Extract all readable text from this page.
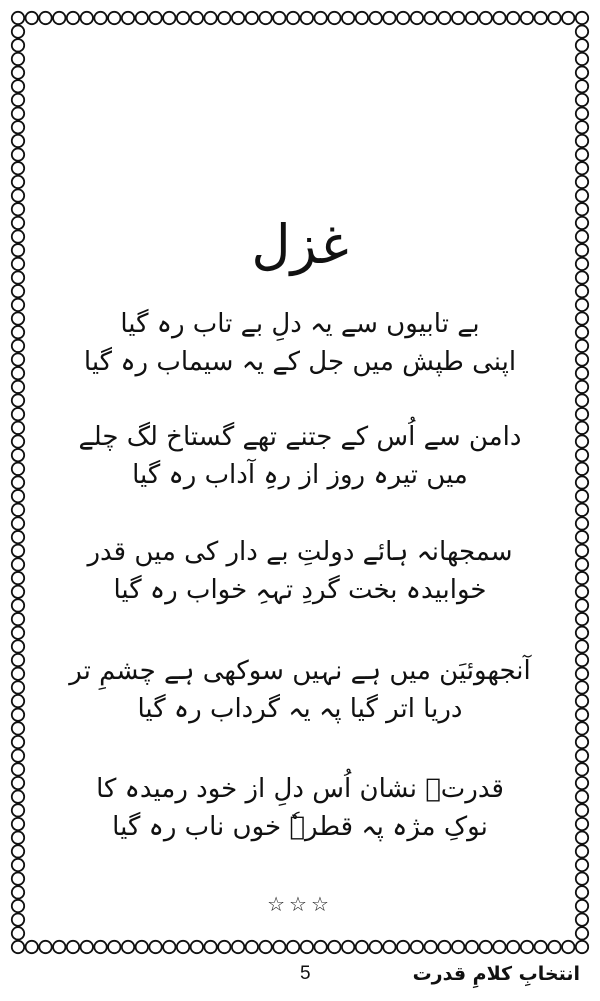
غزل
بے تابیوں سے یہ دلِ بے تاب رہ گیا
اپنی طپش میں جل کے یہ سیماب رہ گیا
دامن سے اُس کے جتنے تھے گستاخ لگ چلے
میں تیرہ روز از رہِ آداب رہ گیا
سمجھانہ ہائے دولتِ بے دار کی میں قدر
خوابیدہ بخت گردِ تہہِ خواب رہ گیا
آنجھوئیَن میں ہے نہیں سوکھی ہے چشمِ تر
دریا اتر گیا پہ یہ گرداب رہ گیا
قدرتؔ نشان اُس دلِ از خود رمیدہ کا
نوکِ مژہ پہ قطرہٗ خوں ناب رہ گیا
☆☆☆
انتخابِ کلامِ قدرت
5
